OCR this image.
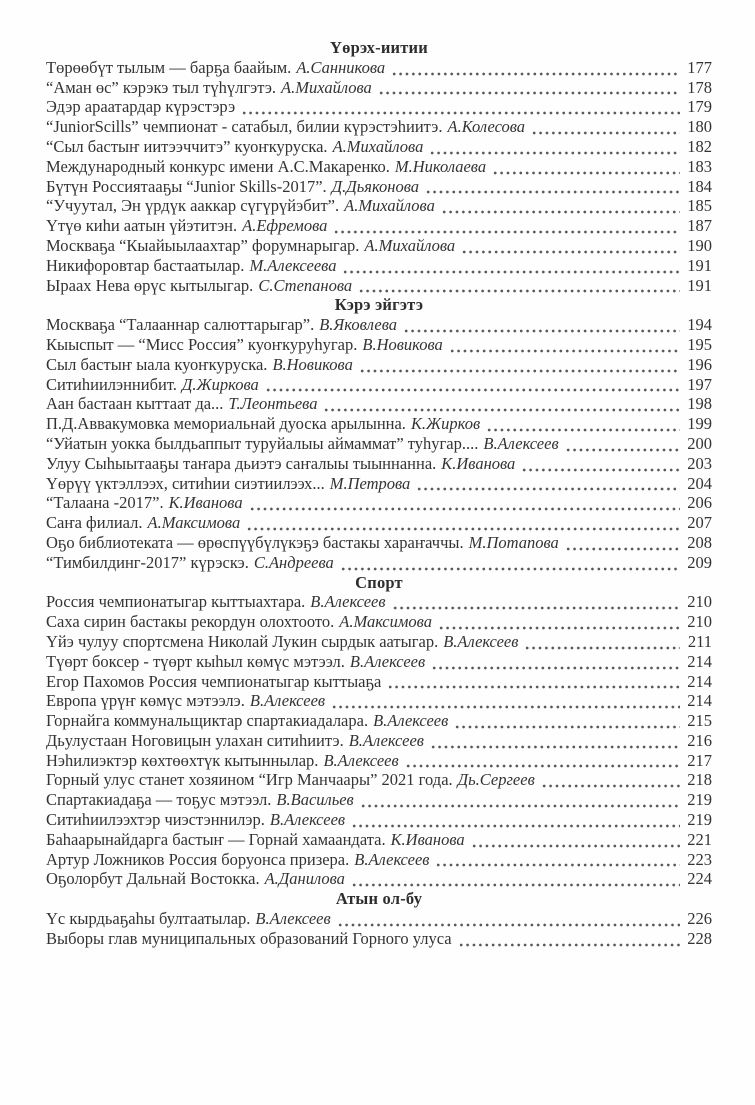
Үөрэх-иитии
Төрөөбүт тылым — барҕа баайым. А.Санникова	177
“Аман өс” кэрэкэ тыл түһүлгэтэ. А.Михайлова	178
Эдэр араатардар күрэстэрэ	179
“JuniorScills” чемпионат - сатабыл, билии күрэстэһиитэ. А.Колесова	180
“Сыл бастыҥ иитээччитэ” куоҥкуруска. А.Михайлова	182
Международный конкурс имени А.С.Макаренко. М.Николаева	183
Бүтүн Россиятааҕы “Junior Skills-2017”. Д.Дьяконова	184
“Учуутал, Эн үрдүк ааккар сүгүрүйэбит”. А.Михайлова	185
Үтүө киһи аатын үйэтитэн. А.Ефремова	187
Москваҕа “Кыайыылаахтар” форумнарыгар. А.Михайлова	190
Никифоровтар бастаатылар. М.Алексеева	191
Ыраах Нева өрүс кытылыгар. С.Степанова	191
Кэрэ эйгэтэ
Москваҕа “Талааннар салюттарыгар”. В.Яковлева	194
Кыыспыт — “Мисс Россия” куоҥкуруһугар. В.Новикова	195
Сыл бастыҥ ыала куоҥкуруска. В.Новикова	196
Ситиһиилэннибит. Д.Жиркова	197
Аан бастаан кыттаат да... Т.Леонтьева	198
П.Д.Аввакумовка мемориальнай дуоска арылынна. К.Жирков	199
“Уйатын уокка былдьаппыт туруйалыы аймаммат” туһугар.... В.Алексеев	200
Улуу Сыһыытааҕы таҥара дьиэтэ саҥалыы тыыннанна. К.Иванова	203
Үөрүү үктэллээх, ситиһии сиэтиилээх... М.Петрова	204
“Талаана -2017”. К.Иванова	206
Саҥа филиал. А.Максимова	207
Оҕо библиотеката — өрөспүүбүлүкэҕэ бастакы хараҥаччы. М.Потапова	208
“Тимбилдинг-2017” күрэскэ. С.Андреева	209
Спорт
Россия чемпионатыгар кыттыахтара. В.Алексеев	210
Саха сирин бастакы рекордун олохтоото. А.Максимова	210
Үйэ чулуу спортсмена Николай Лукин сырдык аатыгар. В.Алексеев	211
Түөрт боксер - түөрт кыһыл көмүс мэтээл. В.Алексеев	214
Егор Пахомов Россия чемпионатыгар кыттыаҕа	214
Европа үрүҥ көмүс мэтээлэ. В.Алексеев	214
Горнайга коммунальщиктар спартакиадалара. В.Алексеев	215
Дьулустаан Ноговицын улахан ситиһиитэ. В.Алексеев	216
Нэһилиэктэр көхтөөхтүк кытыннылар. В.Алексеев	217
Горный улус станет хозяином “Игр Манчаары” 2021 года. Дь.Сергеев	218
Спартакиадаҕа — тоҕус мэтээл. В.Васильев	219
Ситиһиилээхтэр чиэстэннилэр. В.Алексеев	219
Баһаарынайдарга бастыҥ — Горнай хамаандата. К.Иванова	221
Артур Ложников Россия боруонса призера. В.Алексеев	223
Оҕолорбут Дальнай Востокка. А.Данилова	224
Атын ол-бу
Үс кырдьаҕаһы бултаатылар. В.Алексеев	226
Выборы глав муниципальных образований Горного улуса	228
